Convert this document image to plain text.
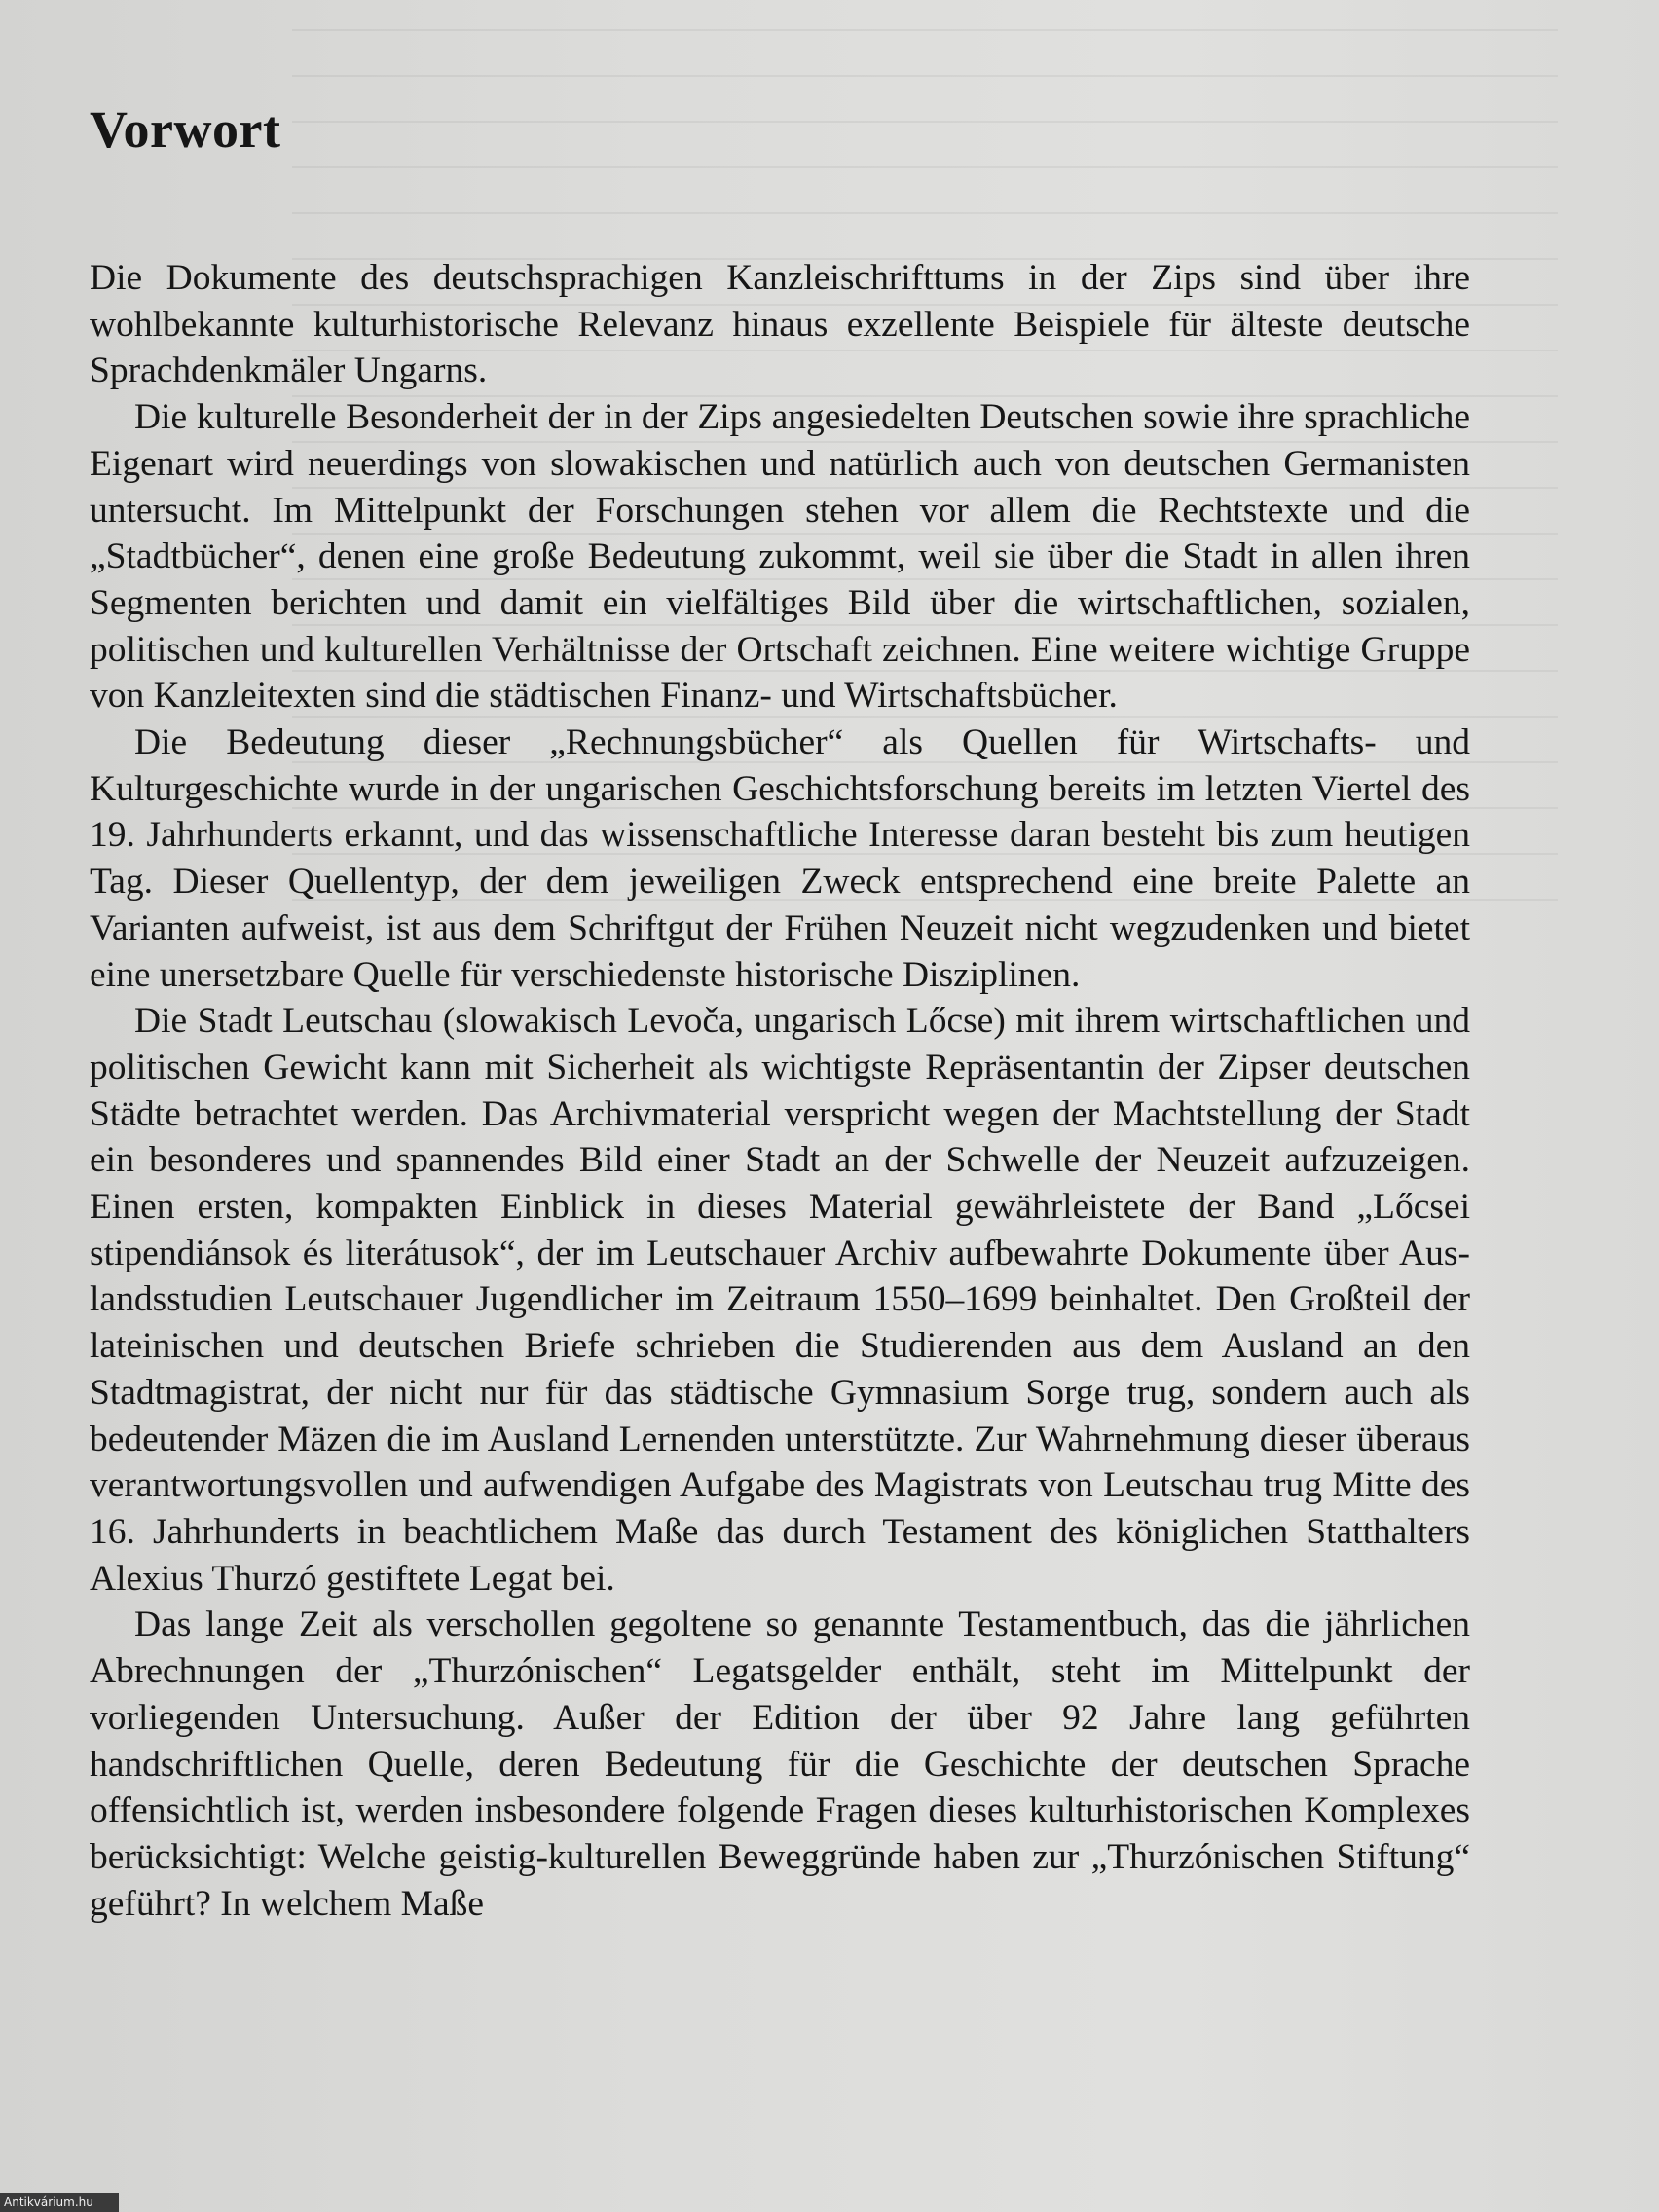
Vorwort

Die Dokumente des deutschsprachigen Kanzleischrifttums in der Zips sind über ihre wohlbekannte kulturhistorische Relevanz hinaus exzellente Beispiele für älteste deutsche Sprachdenkmäler Ungarns.

Die kulturelle Besonderheit der in der Zips angesiedelten Deutschen sowie ihre sprachliche Eigenart wird neuerdings von slowakischen und natürlich auch von deutschen Germanisten untersucht. Im Mittelpunkt der Forschungen stehen vor allem die Rechtstexte und die „Stadtbücher“, denen eine große Bedeutung zukommt, weil sie über die Stadt in allen ihren Segmenten berichten und damit ein vielfältiges Bild über die wirtschaftlichen, sozialen, politischen und kulturellen Verhältnisse der Ortschaft zeichnen. Eine weitere wichtige Gruppe von Kanzleitexten sind die städtischen Finanz- und Wirtschaftsbücher.

Die Bedeutung dieser „Rechnungsbücher“ als Quellen für Wirtschafts- und Kulturgeschichte wurde in der ungarischen Geschichtsforschung bereits im letzten Viertel des 19. Jahrhunderts erkannt, und das wissenschaftliche Interesse daran besteht bis zum heutigen Tag. Dieser Quellentyp, der dem jeweiligen Zweck entsprechend eine breite Palette an Varianten aufweist, ist aus dem Schriftgut der Frühen Neuzeit nicht wegzudenken und bietet eine unersetzbare Quelle für verschiedenste historische Disziplinen.

Die Stadt Leutschau (slowakisch Levoča, ungarisch Lőcse) mit ihrem wirtschaftlichen und politischen Gewicht kann mit Sicherheit als wichtigste Repräsentantin der Zipser deutschen Städte betrachtet werden. Das Archivmaterial verspricht wegen der Machtstellung der Stadt ein besonderes und spannendes Bild einer Stadt an der Schwelle der Neuzeit aufzuzeigen. Einen ersten, kompakten Einblick in dieses Material gewährleistete der Band „Lőcsei stipendiánsok és literátusok“, der im Leutschauer Archiv aufbewahrte Dokumente über Auslandsstudien Leutschauer Jugendlicher im Zeitraum 1550–1699 beinhaltet. Den Großteil der lateinischen und deutschen Briefe schrieben die Studierenden aus dem Ausland an den Stadtmagistrat, der nicht nur für das städtische Gymnasium Sorge trug, sondern auch als bedeutender Mäzen die im Ausland Lernenden unterstützte. Zur Wahrnehmung dieser überaus verantwortungsvollen und aufwendigen Aufgabe des Magistrats von Leutschau trug Mitte des 16. Jahrhunderts in beachtlichem Maße das durch Testament des königlichen Statthalters Alexius Thurzó gestiftete Legat bei.

Das lange Zeit als verschollen gegoltene so genannte Testamentbuch, das die jährlichen Abrechnungen der „Thurzónischen“ Legatsgelder enthält, steht im Mittelpunkt der vorliegenden Untersuchung. Außer der Edition der über 92 Jahre lang geführten handschriftlichen Quelle, deren Bedeutung für die Geschichte der deutschen Sprache offensichtlich ist, werden insbesondere folgende Fragen dieses kulturhistorischen Komplexes berücksichtigt: Welche geistig-kulturellen Beweggründe haben zur „Thurzónischen Stiftung“ geführt? In welchem Maße

Antikvárium.hu
